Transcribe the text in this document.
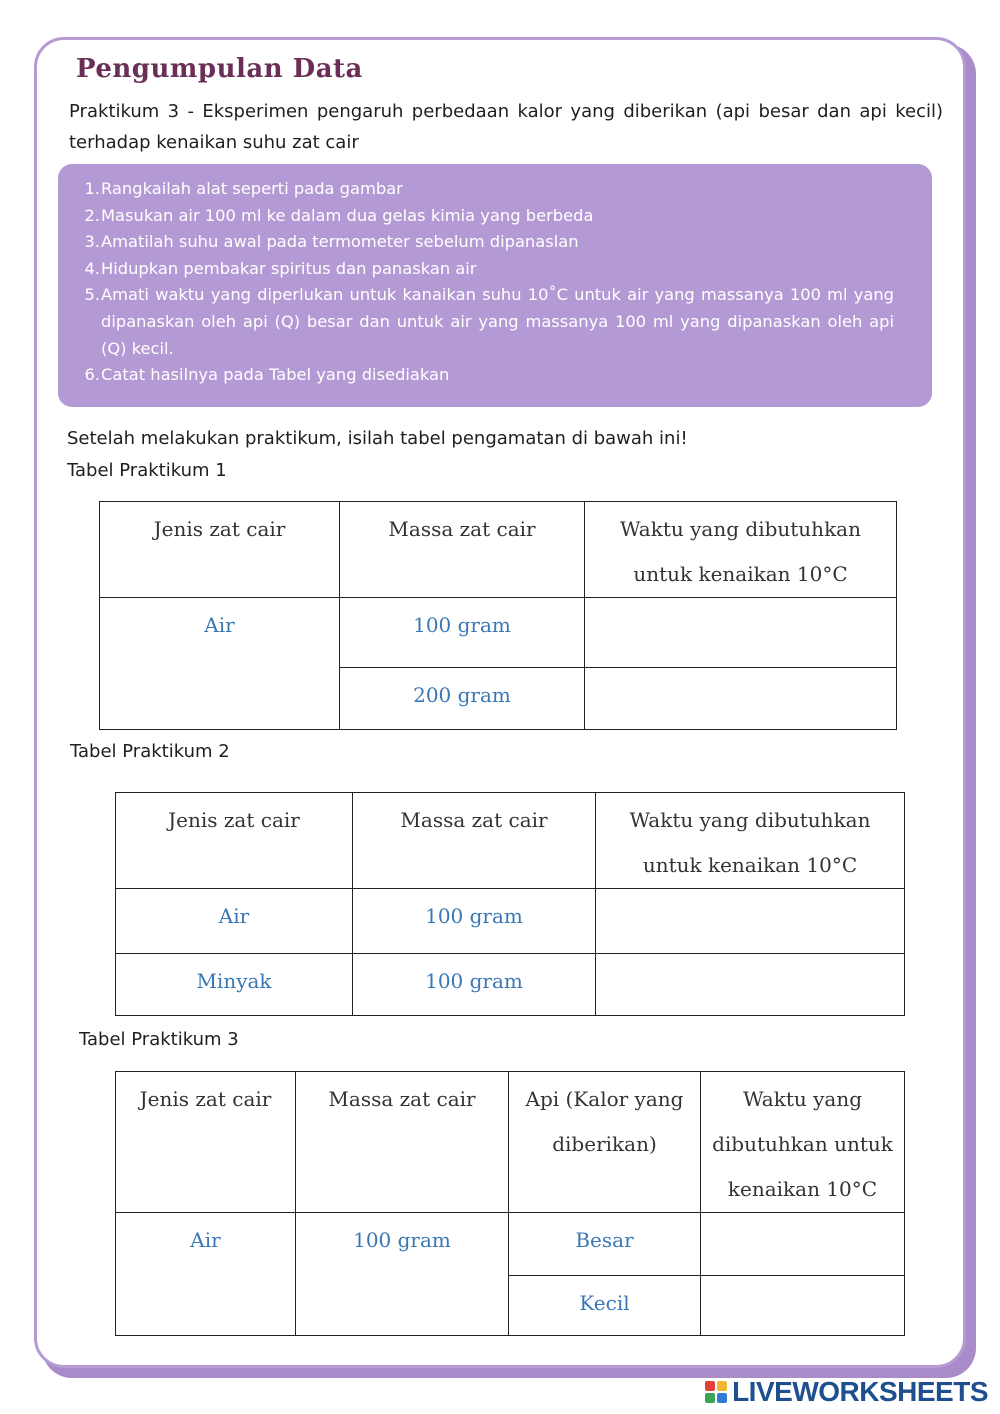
Pengumpulan Data

Praktikum 3 - Eksperimen pengaruh perbedaan kalor yang diberikan (api besar dan api kecil) terhadap kenaikan suhu zat cair

1. Rangkailah alat seperti pada gambar
2. Masukan air 100 ml ke dalam dua gelas kimia yang berbeda
3. Amatilah suhu awal pada termometer sebelum dipanaslan
4. Hidupkan pembakar spiritus dan panaskan air
5. Amati waktu yang diperlukan untuk kanaikan suhu 10˚C untuk air yang massanya 100 ml yang dipanaskan oleh api (Q) besar dan untuk air yang massanya 100 ml yang dipanaskan oleh api (Q) kecil.
6. Catat hasilnya pada Tabel yang disediakan

Setelah melakukan praktikum, isilah tabel pengamatan di bawah ini!

Tabel Praktikum 1

Jenis zat cair	Massa zat cair	Waktu yang dibutuhkan untuk kenaikan 10°C
Air	100 gram	
	200 gram	

Tabel Praktikum 2

Jenis zat cair	Massa zat cair	Waktu yang dibutuhkan untuk kenaikan 10°C
Air	100 gram	
Minyak	100 gram	

Tabel Praktikum 3

Jenis zat cair	Massa zat cair	Api (Kalor yang diberikan)	Waktu yang dibutuhkan untuk kenaikan 10°C
Air	100 gram	Besar	
		Kecil	
LIVEWORKSHEETS
